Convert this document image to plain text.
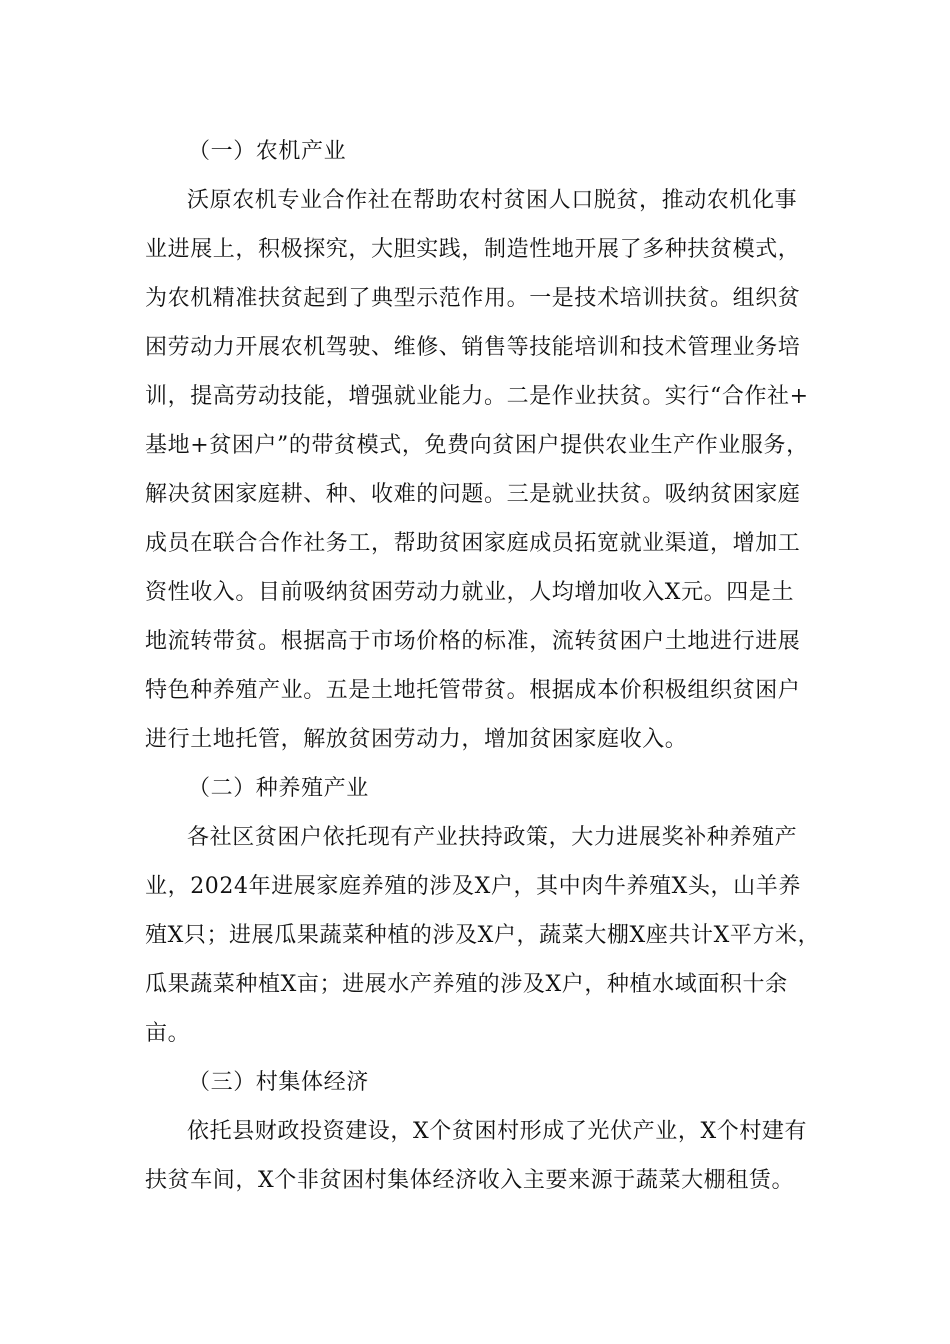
（一）农机产业
沃原农机专业合作社在帮助农村贫困人口脱贫，推动农机化事
业进展上，积极探究，大胆实践，制造性地开展了多种扶贫模式，
为农机精准扶贫起到了典型示范作用。一是技术培训扶贫。组织贫
困劳动力开展农机驾驶、维修、销售等技能培训和技术管理业务培
训，提高劳动技能，增强就业能力。二是作业扶贫。实行“合作社+
基地+贫困户”的带贫模式，免费向贫困户提供农业生产作业服务，
解决贫困家庭耕、种、收难的问题。三是就业扶贫。吸纳贫困家庭
成员在联合合作社务工，帮助贫困家庭成员拓宽就业渠道，增加工
资性收入。目前吸纳贫困劳动力就业，人均增加收入X元。四是土
地流转带贫。根据高于市场价格的标准，流转贫困户土地进行进展
特色种养殖产业。五是土地托管带贫。根据成本价积极组织贫困户
进行土地托管，解放贫困劳动力，增加贫困家庭收入。
（二）种养殖产业
各社区贫困户依托现有产业扶持政策，大力进展奖补种养殖产
业，2024年进展家庭养殖的涉及X户，其中肉牛养殖X头，山羊养
殖X只；进展瓜果蔬菜种植的涉及X户，蔬菜大棚X座共计X平方米，
瓜果蔬菜种植X亩；进展水产养殖的涉及X户，种植水域面积十余
亩。
（三）村集体经济
依托县财政投资建设，X个贫困村形成了光伏产业，X个村建有
扶贫车间，X个非贫困村集体经济收入主要来源于蔬菜大棚租赁。
